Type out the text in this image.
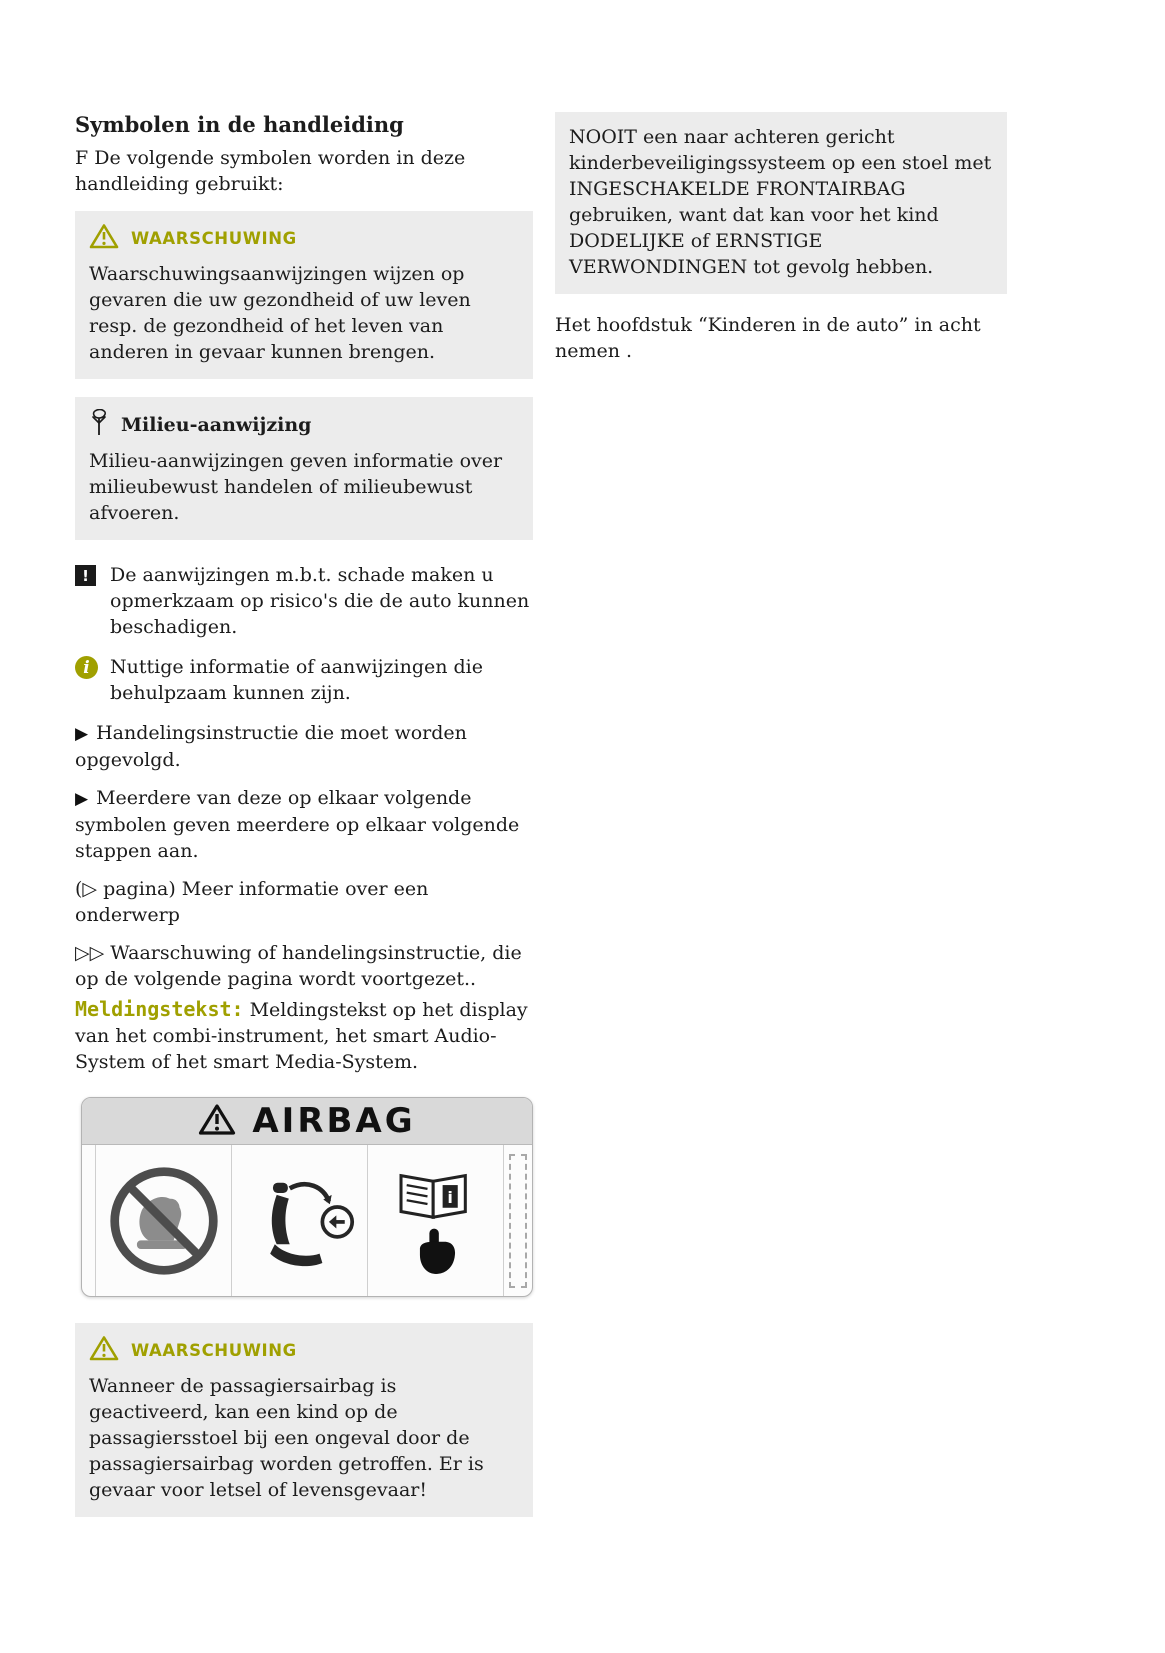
Symbolen in de handleiding

F De volgende symbolen worden in deze handleiding gebruikt:

WAARSCHUWING

Waarschuwingsaanwijzingen wijzen op gevaren die uw gezondheid of uw leven resp. de gezondheid of het leven van anderen in gevaar kunnen brengen.

Milieu-aanwijzing

Milieu-aanwijzingen geven informatie over milieubewust handelen of milieubewust afvoeren.

!	De aanwijzingen m.b.t. schade maken u opmerkzaam op risico's die de auto kunnen beschadigen.

i	Nuttige informatie of aanwijzingen die behulpzaam kunnen zijn.

▶ Handelingsinstructie die moet worden opgevolgd.

▶ Meerdere van deze op elkaar volgende symbolen geven meerdere op elkaar volgende stappen aan.

(▷ pagina) Meer informatie over een onderwerp

▷▷ Waarschuwing of handelingsinstructie, die op de volgende pagina wordt voortgezet..

Meldingstekst: Meldingstekst op het display van het combi-instrument, het smart Audio-System of het smart Media-System.

AIRBAG
i
WAARSCHUWING

Wanneer de passagiersairbag is geactiveerd, kan een kind op de passagiersstoel bij een ongeval door de passagiersairbag worden getroffen. Er is gevaar voor letsel of levensgevaar!

NOOIT een naar achteren gericht kinderbeveiligingssysteem op een stoel met INGESCHAKELDE FRONTAIRBAG gebruiken, want dat kan voor het kind DODELIJKE of ERNSTIGE VERWONDINGEN tot gevolg hebben.

Het hoofdstuk “Kinderen in de auto” in acht nemen .
